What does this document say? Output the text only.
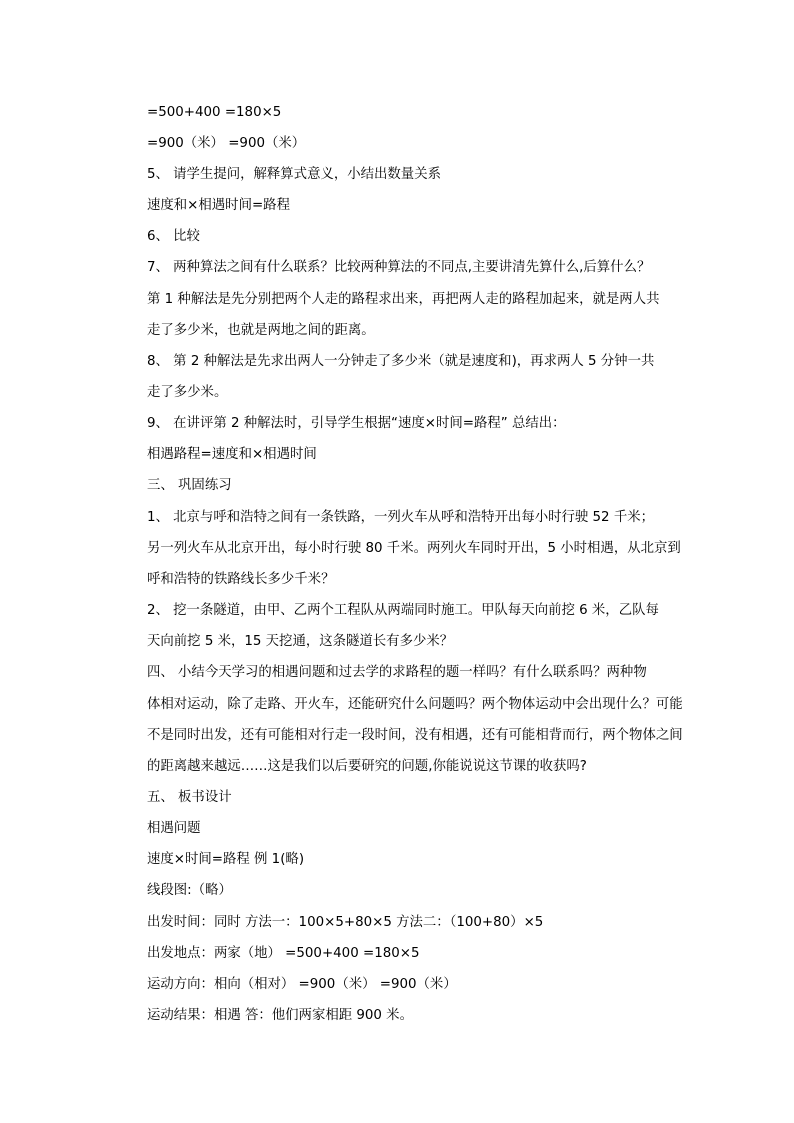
=500+400 =180×5
=900（米） =900（米）
5、 请学生提问，解释算式意义，小结出数量关系
速度和×相遇时间=路程
6、 比较
7、 两种算法之间有什么联系？比较两种算法的不同点,主要讲清先算什么,后算什么？
第 1 种解法是先分别把两个人走的路程求出来，再把两人走的路程加起来，就是两人共
走了多少米，也就是两地之间的距离。
8、 第 2 种解法是先求出两人一分钟走了多少米（就是速度和)，再求两人 5 分钟一共
走了多少米。
9、 在讲评第 2 种解法时，引导学生根据“速度×时间=路程” 总结出：
相遇路程=速度和×相遇时间
三、 巩固练习
1、 北京与呼和浩特之间有一条铁路，一列火车从呼和浩特开出每小时行驶 52 千米；
另一列火车从北京开出，每小时行驶 80 千米。两列火车同时开出，5 小时相遇，从北京到
呼和浩特的铁路线长多少千米？
2、 挖一条隧道，由甲、乙两个工程队从两端同时施工。甲队每天向前挖 6 米，乙队每
天向前挖 5 米，15 天挖通，这条隧道长有多少米？
四、 小结今天学习的相遇问题和过去学的求路程的题一样吗？有什么联系吗？两种物
体相对运动，除了走路、开火车，还能研究什么问题吗？两个物体运动中会出现什么？可能
不是同时出发，还有可能相对行走一段时间，没有相遇，还有可能相背而行，两个物体之间
的距离越来越远……这是我们以后要研究的问题,你能说说这节课的收获吗?
五、 板书设计
相遇问题
速度×时间=路程 例 1(略)
线段图:（略）
出发时间：同时 方法一：100×5+80×5 方法二：（100+80）×5
出发地点：两家（地） =500+400 =180×5
运动方向：相向（相对） =900（米） =900（米）
运动结果：相遇 答：他们两家相距 900 米。
